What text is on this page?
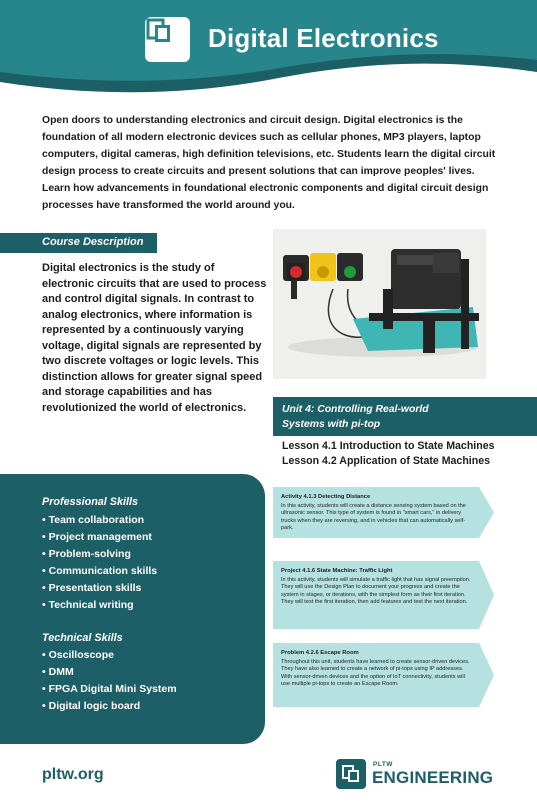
Digital Electronics
Open doors to understanding electronics and circuit design. Digital electronics is the foundation of all modern electronic devices such as cellular phones, MP3 players, laptop computers, digital cameras, high definition televisions, etc. Students learn the digital circuit design process to create circuits and present solutions that can improve peoples' lives. Learn how advancements in foundational electronic components and digital circuit design processes have transformed the world around you.
Course Description
Digital electronics is the study of electronic circuits that are used to process and control digital signals. In contrast to analog electronics, where information is represented by a continuously varying voltage, digital signals are represented by two discrete voltages or logic levels. This distinction allows for greater signal speed and storage capabilities and has revolutionized the world of electronics.	Unit 4: Controlling Real-world
Systems with pi-top
Lesson 4.1 Introduction to State Machines
Lesson 4.2 Application of State Machines
Activity 4.1.3 Detecting Distance
In this activity, students will create a distance sensing system based on the ultrasonic sensor. This type of system is found in "smart cars," in delivery trucks when they are reversing, and in vehicles that can automatically self-park.
Project 4.1.6 State Machine: Traffic Light
In this activity, students will simulate a traffic light that has signal preemption. They will use the Design Plan to document your progress and create the system in stages, or iterations, with the simplest form as their first iteration. They will test the first iteration, then add features and test the next iteration.
Problem 4.2.6 Escape Room
Throughout this unit, students have learned to create sensor-driven devices. They have also learned to create a network of pi-tops using IP addresses. With sensor-driven devices and the option of IoT connectivity, students will use multiple pi-tops to create an Escape Room.
Professional Skills
• Team collaboration
• Project management
• Problem-solving
• Communication skills
• Presentation skills
• Technical writing
Technical Skills
• Oscilloscope
• DMM
• FPGA Digital Mini System
• Digital logic board
pltw.org
PLTW
ENGINEERING
